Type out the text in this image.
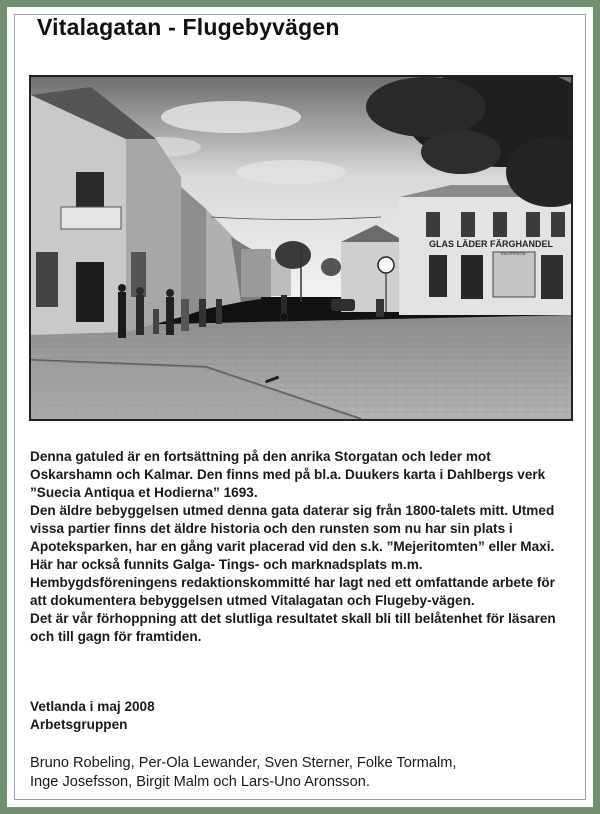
Vitalagatan - Flugebyvägen
GLAS LÄDER FÄRGHANDEL
KALERSSON

Denna gatuled är en fortsättning på den anrika Storgatan och leder mot Oskarshamn och Kalmar. Den finns med på bl.a. Duukers karta i Dahlbergs verk ”Suecia Antiqua et Hodierna” 1693.

Den äldre bebyggelsen utmed denna gata daterar sig från 1800-talets mitt. Utmed vissa partier finns det äldre historia och den runsten som nu har sin plats i Apoteksparken, har en gång varit placerad vid den s.k. ”Mejeritomten” eller Maxi. Här har också funnits Galga- Tings- och marknadsplats m.m.

Hembygdsföreningens redaktionskommitté har lagt ned ett omfattande arbete för att dokumentera bebyggelsen utmed Vitalagatan och Flugeby-vägen.

Det är vår förhoppning att det slutliga resultatet skall bli till belåtenhet för läsaren och till gagn för framtiden.

Vetlanda i maj 2008
Arbetsgruppen
Bruno Robeling, Per-Ola Lewander, Sven Sterner, Folke Tormalm,
Inge Josefsson, Birgit Malm och Lars-Uno Aronsson.
